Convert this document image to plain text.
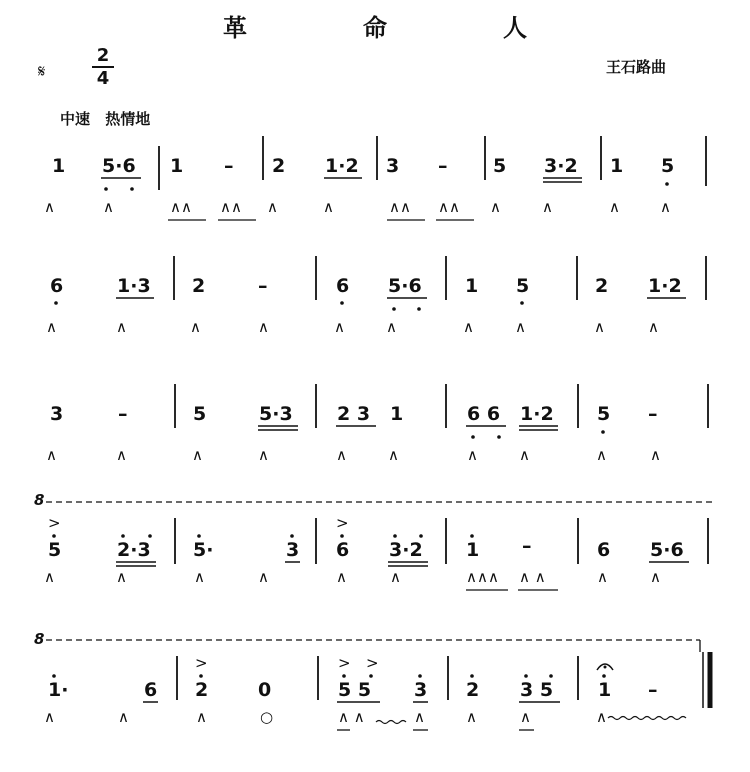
革　命　人
王石路曲
𝄋
2
4
中速 热情地
1 5·6 1 – 2 1·2 3 – 5 3·2 1 5
∧	∧	∧∧ ∧∧ ∧	∧	∧∧ ∧∧ ∧	∧	∧	∧
6	1·3 2	–	6 5·6 1 5	2 1·2
∧	∧	∧	∧	∧	∧	∧	∧	∧	∧
3	–	5	5·3 2 3 1	6 6 1·2 5 –
∧	∧	∧	∧	∧	∧	∧	∧	∧	∧
8
>
5	2·3 5·	3
>
6 3·2 1 –	6 5·6
∧	∧	∧	∧	∧	∧	∧∧∧ ∧ ∧	∧	∧
8
1·	6
>
2	0
> >
5 5 3 2 3 5 1 –
∧	∧	∧	○	∧ ∧	∧	∧	∧	∧
